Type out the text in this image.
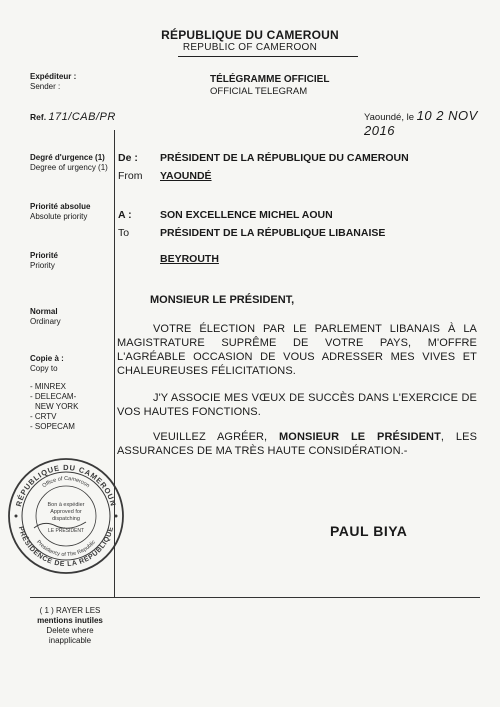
RÉPUBLIQUE DU CAMEROUN
REPUBLIC OF CAMEROON
TÉLÉGRAMME OFFICIEL
OFFICIAL TELEGRAM
Expéditeur :
Sender :
Ref. 171/CAB/PR
Degré d'urgence (1)
Degree of urgency (1)
Priorité absolue
Absolute priority
Priorité
Priority
Normal
Ordinary
Copie à :
Copy to
- MINREX
- DELECAM-
NEW YORK
- CRTV
- SOPECAM
RÉPUBLIQUE DU CAMEROUN
PRÉSIDENCE DE LA RÉPUBLIQUE
Office of Cameroon
Presidency of The Republic
Bon à expédier
Approved for
dispatching
LE PRÉSIDENT
( 1 ) RAYER LES
mentions inutiles
Delete where
inapplicable
Yaoundé, le 10 2 NOV 2016
De : PRÉSIDENT DE LA RÉPUBLIQUE DU CAMEROUN
From YAOUNDÉ
A :	SON EXCELLENCE MICHEL AOUN
To	PRÉSIDENT DE LA RÉPUBLIQUE LIBANAISE
BEYROUTH
MONSIEUR LE PRÉSIDENT,
VOTRE ÉLECTION PAR LE PARLEMENT LIBANAIS À LA MAGISTRATURE SUPRÊME DE VOTRE PAYS, M'OFFRE L'AGRÉABLE OCCASION DE VOUS ADRESSER MES VIVES ET CHALEUREUSES FÉLICITATIONS.
J'Y ASSOCIE MES VŒUX DE SUCCÈS DANS L'EXERCICE DE VOS HAUTES FONCTIONS.
VEUILLEZ AGRÉER, MONSIEUR LE PRÉSIDENT, LES ASSURANCES DE MA TRÈS HAUTE CONSIDÉRATION.-
PAUL BIYA
